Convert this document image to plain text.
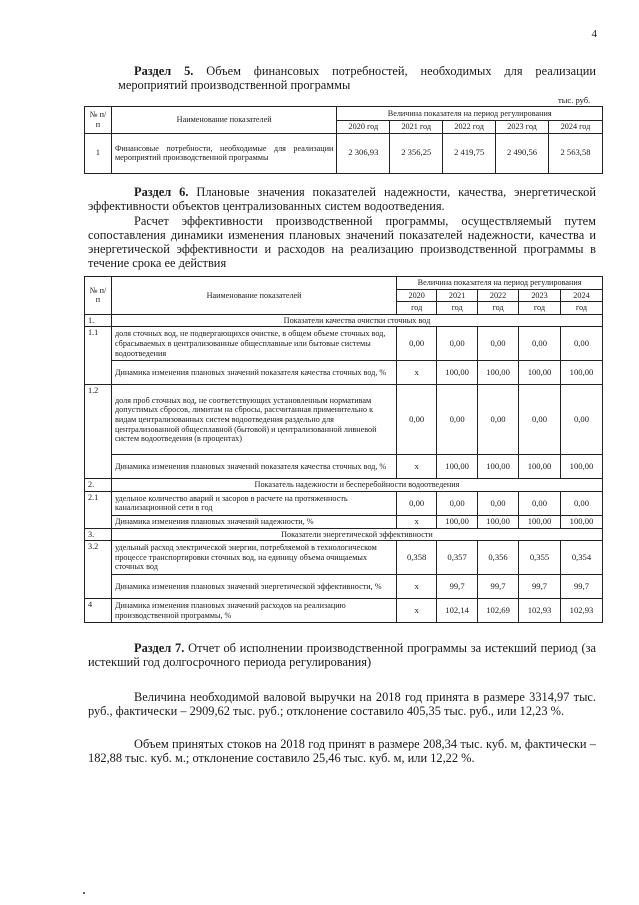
4
Раздел 5. Объем финансовых потребностей, необходимых для реализации мероприятий производственной программы
тыс. руб.
№ п/п	Наименование показателей	Величина показателя на период регулирования				
		2020 год	2021 год	2022 год	2023 год	2024 год
1	Финансовые потребности, необходимые для реализации мероприятий производственной программы	2 306,93	2 356,25	2 419,75	2 490,56	2 563,58
Раздел 6. Плановые значения показателей надежности, качества, энергетической эффективности объектов централизованных систем водоотведения.
Расчет эффективности производственной программы, осуществляемый путем сопоставления динамики изменения плановых значений показателей надежности, качества и энергетической эффективности и расходов на реализацию производственной программы в течение срока ее действия
№ п/п	Наименование показателей	Величина показателя на период регулирования				
		2020	2021	2022	2023	2024
		год	год	год	год	год
1.	Показатели качества очистки сточных вод					
1.1	доля сточных вод, не подвергающихся очистке, в общем объеме сточных вод, сбрасываемых в централизованные общесплавные или бытовые системы водоотведения	0,00	0,00	0,00	0,00	0,00
	Динамика изменения плановых значений показателя качества сточных вод, %	х	100,00	100,00	100,00	100,00
1.2	доля проб сточных вод, не соответствующих установленным нормативам допустимых сбросов, лимитам на сбросы, рассчитанная применительно к видам централизованных систем водоотведения раздельно для централизованной общесплавной (бытовой) и централизованной ливневой систем водоотведения (в процентах)	0,00	0,00	0,00	0,00	0,00
	Динамика изменения плановых значений показателя качества сточных вод, %	х	100,00	100,00	100,00	100,00
2.	Показатель надежности и бесперебойности водоотведения					
2.1	удельное количество аварий и засоров в расчете на протяженность канализационной сети в год	0,00	0,00	0,00	0,00	0,00
	Динамика изменения плановых значений надежности, %	х	100,00	100,00	100,00	100,00
3.	Показатели энергетической эффективности					
3.2	удельный расход электрической энергии, потребляемой в технологическом процессе транспортировки сточных вод, на единицу объема очищаемых сточных вод	0,358	0,357	0,356	0,355	0,354
	Динамика изменения плановых значений энергетической эффективности, %	х	99,7	99,7	99,7	99,7
4	Динамика изменения плановых значений расходов на реализацию производственной программы, %	х	102,14	102,69	102,93	102,93
Раздел 7. Отчет об исполнении производственной программы за истекший период (за истекший год долгосрочного периода регулирования)
Величина необходимой валовой выручки на 2018 год принята в размере 3314,97 тыс. руб., фактически – 2909,62 тыс. руб.; отклонение составило 405,35 тыс. руб., или 12,23 %.
Объем принятых стоков на 2018 год принят в размере 208,34 тыс. куб. м, фактически – 182,88 тыс. куб. м.; отклонение составило 25,46 тыс. куб. м, или 12,22 %.
